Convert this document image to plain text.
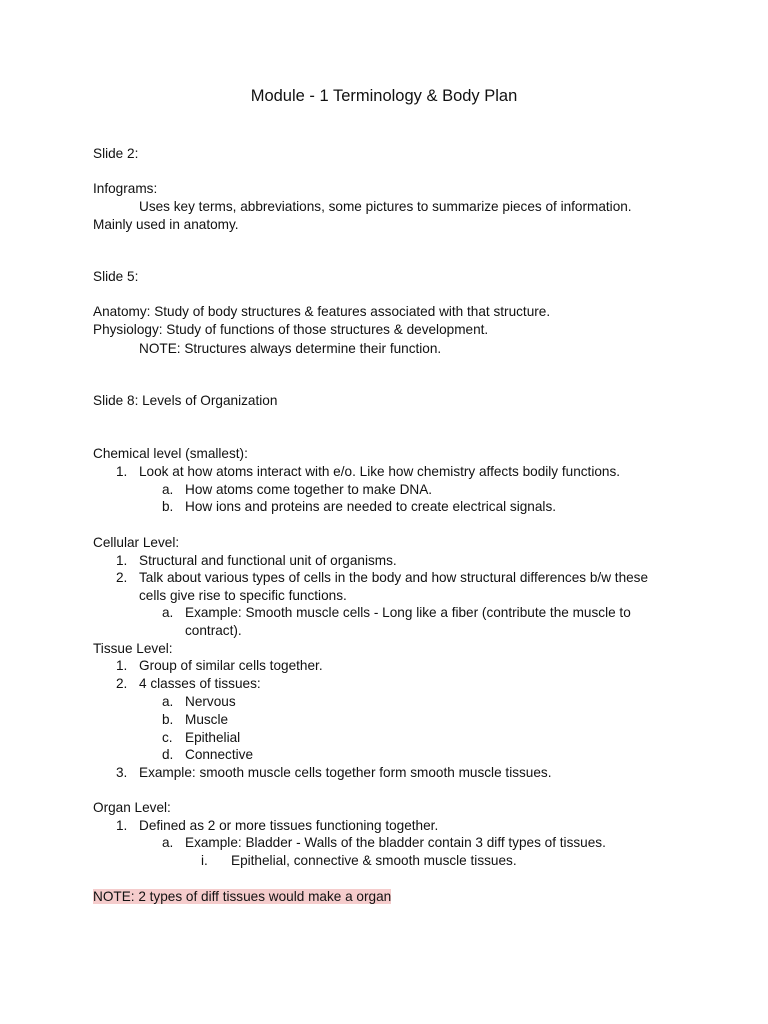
Module - 1 Terminology & Body Plan
Slide 2:
Infograms:
Uses key terms, abbreviations, some pictures to summarize pieces of information.
Mainly used in anatomy.
Slide 5:
Anatomy: Study of body structures & features associated with that structure.
Physiology: Study of functions of those structures & development.
NOTE: Structures always determine their function.
Slide 8: Levels of Organization
Chemical level (smallest):
1. Look at how atoms interact with e/o. Like how chemistry affects bodily functions.
a. How atoms come together to make DNA.
b. How ions and proteins are needed to create electrical signals.
Cellular Level:
1. Structural and functional unit of organisms.
2. Talk about various types of cells in the body and how structural differences b/w these
cells give rise to specific functions.
a. Example: Smooth muscle cells - Long like a fiber (contribute the muscle to
contract).
Tissue Level:
1. Group of similar cells together.
2. 4 classes of tissues:
a. Nervous
b. Muscle
c. Epithelial
d. Connective
3. Example: smooth muscle cells together form smooth muscle tissues.
Organ Level:
1. Defined as 2 or more tissues functioning together.
a. Example: Bladder - Walls of the bladder contain 3 diff types of tissues.
i. Epithelial, connective & smooth muscle tissues.
NOTE: 2 types of diff tissues would make a organ
